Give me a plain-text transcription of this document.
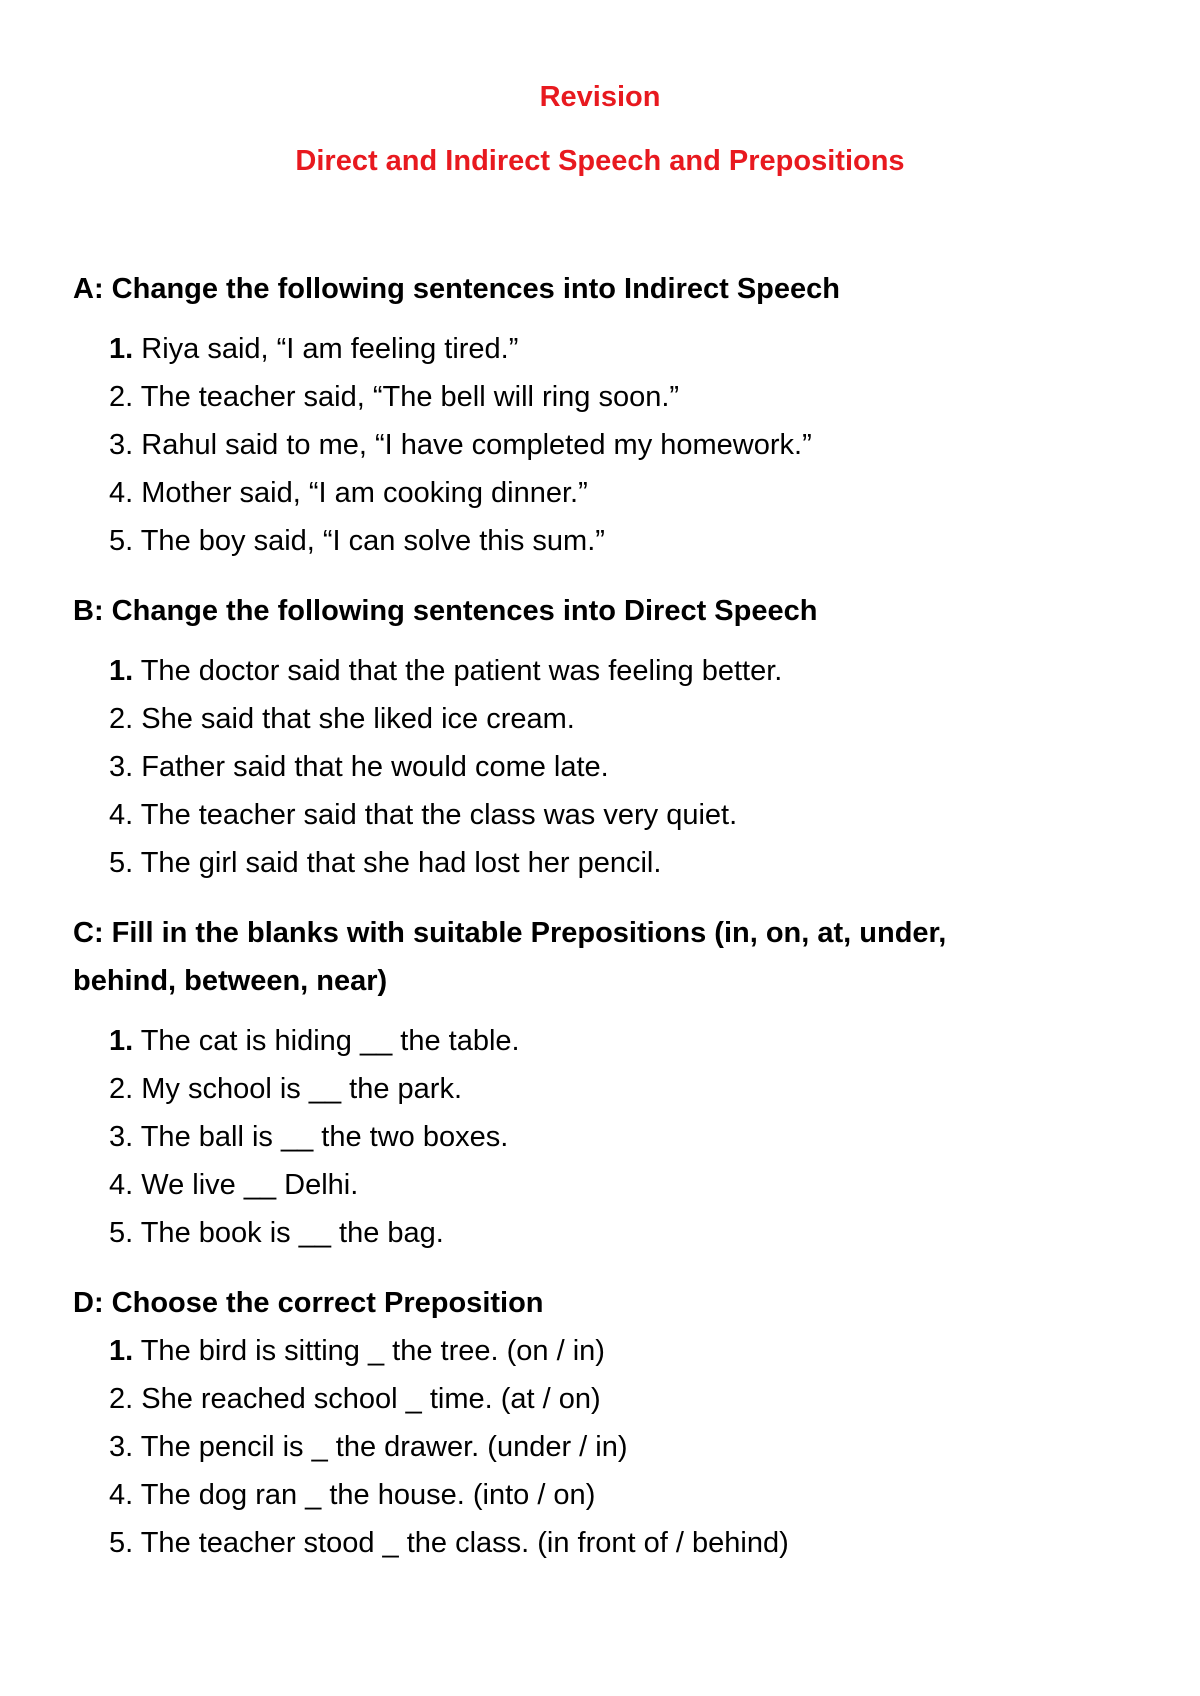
Revision
Direct and Indirect Speech and Prepositions

A: Change the following sentences into Indirect Speech

1. Riya said, “I am feeling tired.”
2. The teacher said, “The bell will ring soon.”
3. Rahul said to me, “I have completed my homework.”
4. Mother said, “I am cooking dinner.”
5. The boy said, “I can solve this sum.”

B: Change the following sentences into Direct Speech

1. The doctor said that the patient was feeling better.
2. She said that she liked ice cream.
3. Father said that he would come late.
4. The teacher said that the class was very quiet.
5. The girl said that she had lost her pencil.

C: Fill in the blanks with suitable Prepositions (in, on, at, under, behind, between, near)

1. The cat is hiding __ the table.
2. My school is __ the park.
3. The ball is __ the two boxes.
4. We live __ Delhi.
5. The book is __ the bag.

D: Choose the correct Preposition

1. The bird is sitting _ the tree. (on / in)
2. She reached school _ time. (at / on)
3. The pencil is _ the drawer. (under / in)
4. The dog ran _ the house. (into / on)
5. The teacher stood _ the class. (in front of / behind)
